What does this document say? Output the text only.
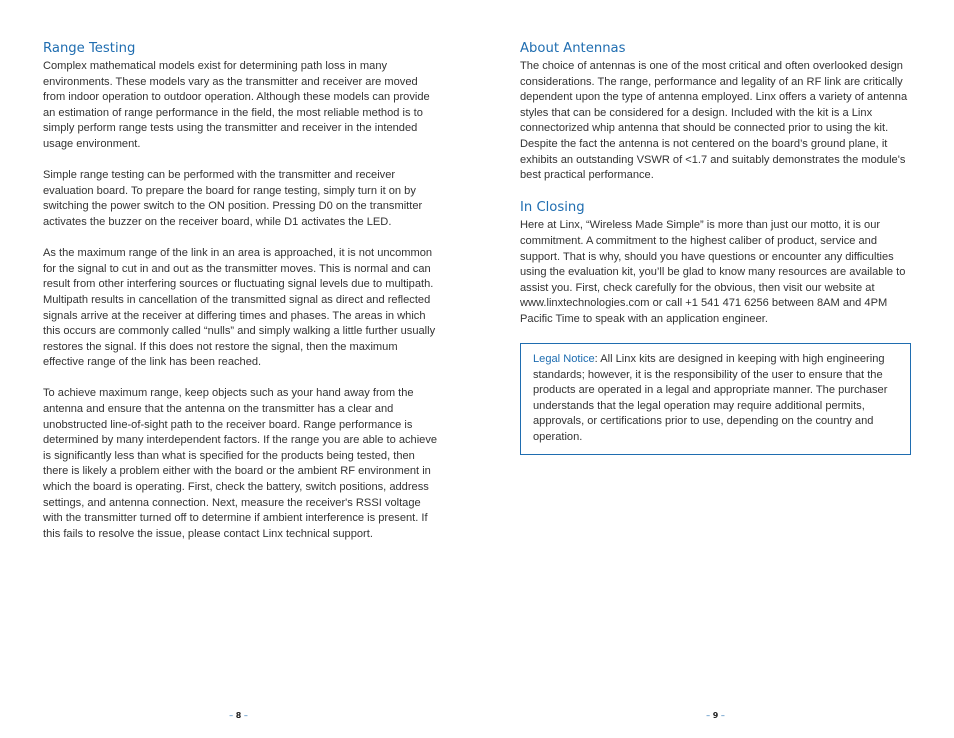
Range Testing

Complex mathematical models exist for determining path loss in many environments. These models vary as the transmitter and receiver are moved from indoor operation to outdoor operation. Although these models can provide an estimation of range performance in the field, the most reliable method is to simply perform range tests using the transmitter and receiver in the intended usage environment.

Simple range testing can be performed with the transmitter and receiver evaluation board. To prepare the board for range testing, simply turn it on by switching the power switch to the ON position. Pressing D0 on the transmitter activates the buzzer on the receiver board, while D1 activates the LED.

As the maximum range of the link in an area is approached, it is not uncommon for the signal to cut in and out as the transmitter moves. This is normal and can result from other interfering sources or fluctuating signal levels due to multipath. Multipath results in cancellation of the transmitted signal as direct and reflected signals arrive at the receiver at differing times and phases. The areas in which this occurs are commonly called “nulls” and simply walking a little further usually restores the signal. If this does not restore the signal, then the maximum effective range of the link has been reached.

To achieve maximum range, keep objects such as your hand away from the antenna and ensure that the antenna on the transmitter has a clear and unobstructed line-of-sight path to the receiver board. Range performance is determined by many interdependent factors. If the range you are able to achieve is significantly less than what is specified for the products being tested, then there is likely a problem either with the board or the ambient RF environment in which the board is operating. First, check the battery, switch positions, address settings, and antenna connection. Next, measure the receiver's RSSI voltage with the transmitter turned off to determine if ambient interference is present. If this fails to resolve the issue, please contact Linx technical support.

– 8 –
About Antennas

The choice of antennas is one of the most critical and often overlooked design considerations. The range, performance and legality of an RF link are critically dependent upon the type of antenna employed. Linx offers a variety of antenna styles that can be considered for a design. Included with the kit is a Linx connectorized whip antenna that should be connected prior to using the kit. Despite the fact the antenna is not centered on the board’s ground plane, it exhibits an outstanding VSWR of <1.7 and suitably demonstrates the module's best practical performance.

In Closing

Here at Linx, “Wireless Made Simple” is more than just our motto, it is our commitment. A commitment to the highest caliber of product, service and support. That is why, should you have questions or encounter any difficulties using the evaluation kit, you’ll be glad to know many resources are available to assist you. First, check carefully for the obvious, then visit our website at www.linxtechnologies.com or call +1 541 471 6256 between 8AM and 4PM Pacific Time to speak with an application engineer.

Legal Notice: All Linx kits are designed in keeping with high engineering standards; however, it is the responsibility of the user to ensure that the products are operated in a legal and appropriate manner. The purchaser understands that the legal operation may require additional permits, approvals, or certifications prior to use, depending on the country and operation.
– 9 –
